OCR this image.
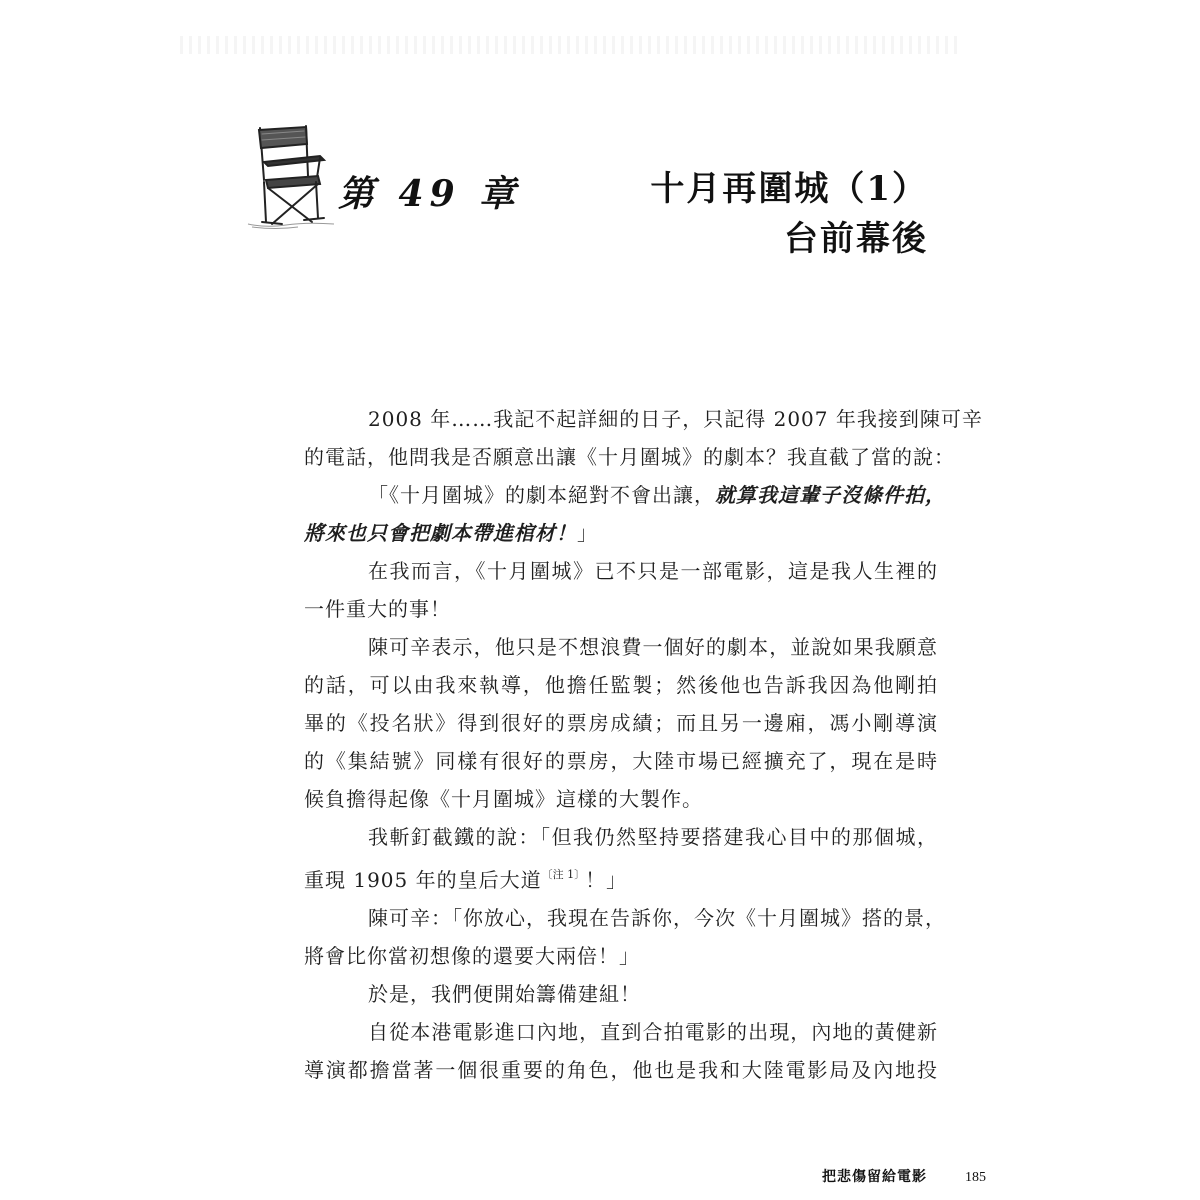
第 49 章	十月再圍城（1）
台前幕後
2008 年……我記不起詳細的日子，只記得 2007 年我接到陳可辛
的電話，他問我是否願意出讓《十月圍城》的劇本？我直截了當的說：
「《十月圍城》的劇本絕對不會出讓，就算我這輩子沒條件拍，
將來也只會把劇本帶進棺材！」
在我而言，《十月圍城》已不只是一部電影，這是我人生裡的
一件重大的事！
陳可辛表示，他只是不想浪費一個好的劇本，並說如果我願意
的話，可以由我來執導，他擔任監製；然後他也告訴我因為他剛拍
畢的《投名狀》得到很好的票房成績；而且另一邊廂，馮小剛導演
的《集結號》同樣有很好的票房，大陸市場已經擴充了，現在是時
候負擔得起像《十月圍城》這樣的大製作。
我斬釘截鐵的說：「但我仍然堅持要搭建我心目中的那個城，
重現 1905 年的皇后大道$^{〔注 1〕}$！」
陳可辛：「你放心，我現在告訴你，今次《十月圍城》搭的景，
將會比你當初想像的還要大兩倍！」
於是，我們便開始籌備建組！
自從本港電影進口內地，直到合拍電影的出現，內地的黃健新
導演都擔當著一個很重要的角色，他也是我和大陸電影局及內地投
把悲傷留給電影	185
